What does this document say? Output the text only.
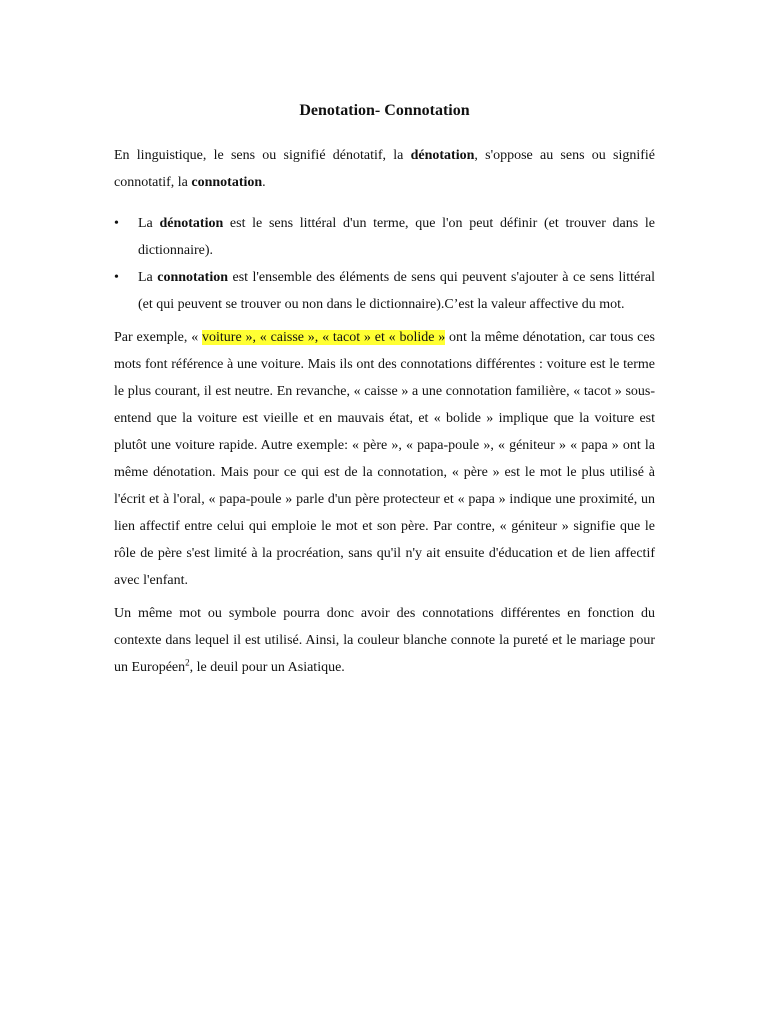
Denotation- Connotation

En linguistique, le sens ou signifié dénotatif, la dénotation, s'oppose au sens ou signifié connotatif, la connotation.

•	La dénotation est le sens littéral d'un terme, que l'on peut définir (et trouver dans le dictionnaire).
•	La connotation est l'ensemble des éléments de sens qui peuvent s'ajouter à ce sens littéral (et qui peuvent se trouver ou non dans le dictionnaire).C’est la valeur affective du mot.

Par exemple, « voiture », « caisse », « tacot » et « bolide » ont la même dénotation, car tous ces mots font référence à une voiture. Mais ils ont des connotations différentes : voiture est le terme le plus courant, il est neutre. En revanche, « caisse » a une connotation familière, « tacot » sous-entend que la voiture est vieille et en mauvais état, et « bolide » implique que la voiture est plutôt une voiture rapide. Autre exemple: « père », « papa-poule », « géniteur » « papa » ont la même dénotation. Mais pour ce qui est de la connotation, « père » est le mot le plus utilisé à l'écrit et à l'oral, « papa-poule » parle d'un père protecteur et « papa » indique une proximité, un lien affectif entre celui qui emploie le mot et son père. Par contre, « géniteur » signifie que le rôle de père s'est limité à la procréation, sans qu'il n'y ait ensuite d'éducation et de lien affectif avec l'enfant.

Un même mot ou symbole pourra donc avoir des connotations différentes en fonction du contexte dans lequel il est utilisé. Ainsi, la couleur blanche connote la pureté et le mariage pour un Européen$^2$, le deuil pour un Asiatique.
